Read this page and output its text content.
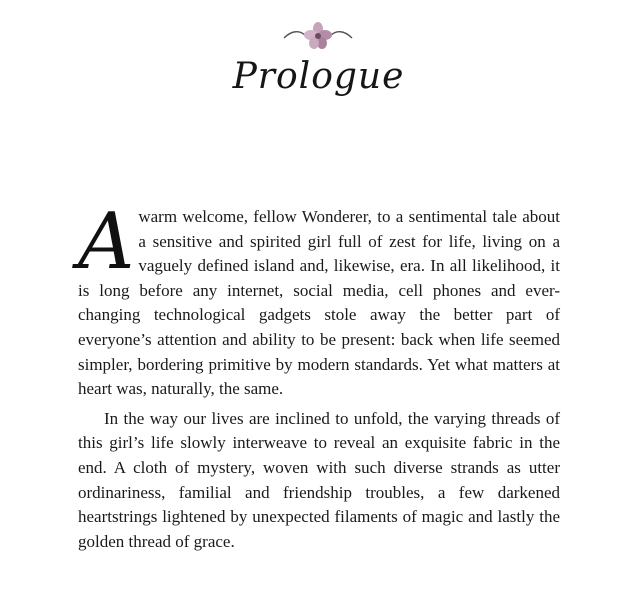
Prologue

A warm welcome, fellow Wonderer, to a sentimental tale about a sensitive and spirited girl full of zest for life, living on a vaguely defined island and, likewise, era. In all likelihood, it is long before any internet, social media, cell phones and ever-changing technological gadgets stole away the better part of everyone’s attention and ability to be present: back when life seemed simpler, bordering primitive by modern standards. Yet what matters at heart was, naturally, the same.

In the way our lives are inclined to unfold, the varying threads of this girl’s life slowly interweave to reveal an exquisite fabric in the end. A cloth of mystery, woven with such diverse strands as utter ordinariness, familial and friendship troubles, a few darkened heartstrings lightened by unexpected filaments of magic and lastly the golden thread of grace.
